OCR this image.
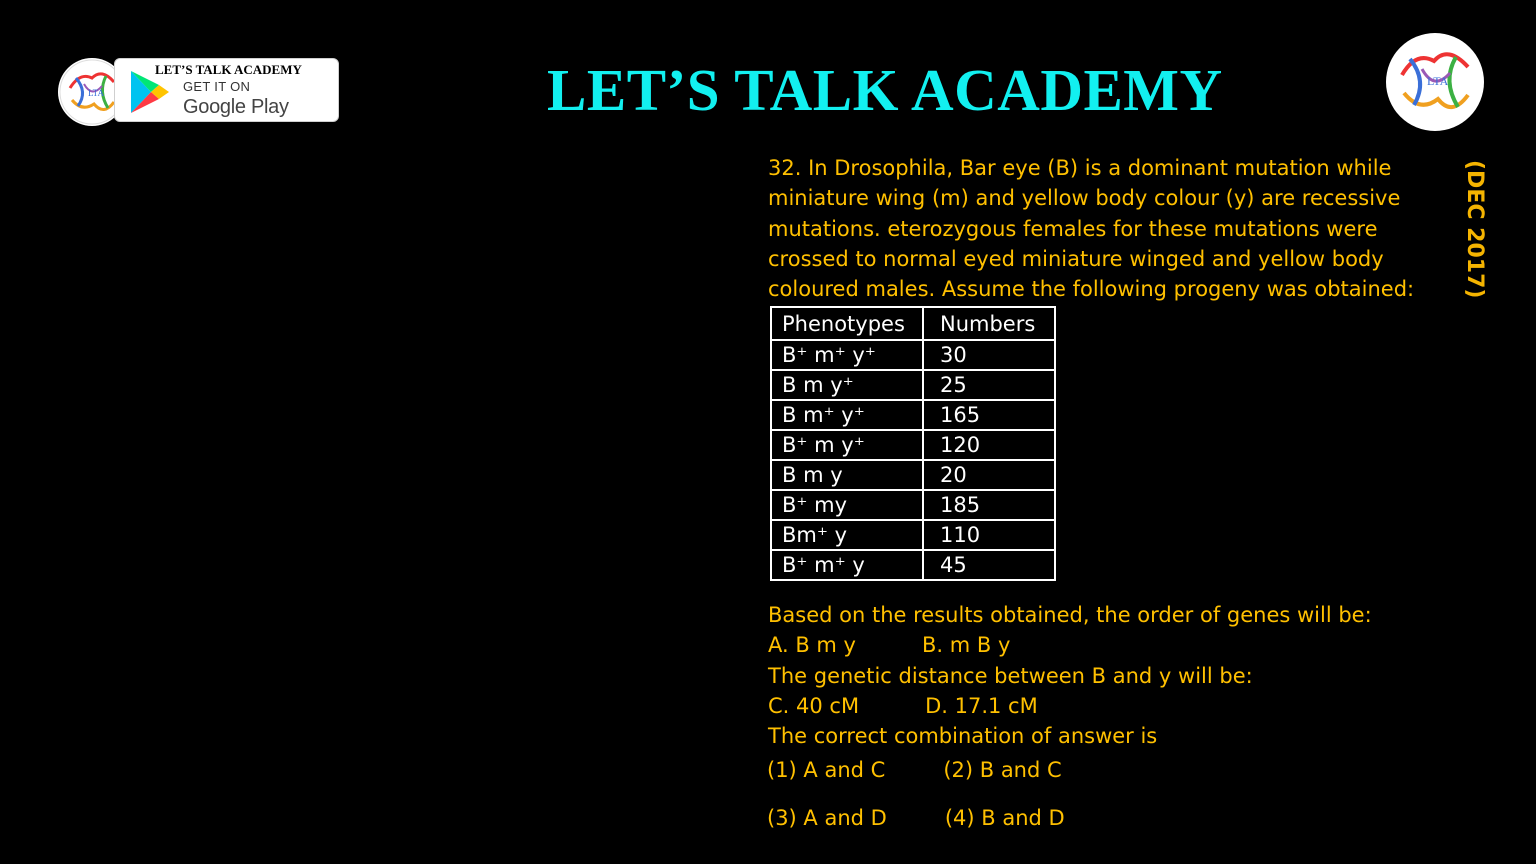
LTA
LET’S TALK ACADEMY
GET IT ON
Google Play	LET’S TALK ACADEMY	LTA
(DEC 2017)
32. In Drosophila, Bar eye (B) is a dominant mutation while
miniature wing (m) and yellow body colour (y) are recessive
mutations. eterozygous females for these mutations were
crossed to normal eyed miniature winged and yellow body
coloured males. Assume the following progeny was obtained:
Phenotypes	Numbers
B⁺ m⁺ y⁺	30
B m y⁺	25
B m⁺ y⁺	165
B⁺ m y⁺	120
B m y	20
B⁺ my	185
Bm⁺ y	110
B⁺ m⁺ y	45
Based on the results obtained, the order of genes will be:
A. B m y	B. m B y
The genetic distance between B and y will be:
C. 40 cM	D. 17.1 cM
The correct combination of answer is
(1) A and C	(2) B and C
(3) A and D	(4) B and D
